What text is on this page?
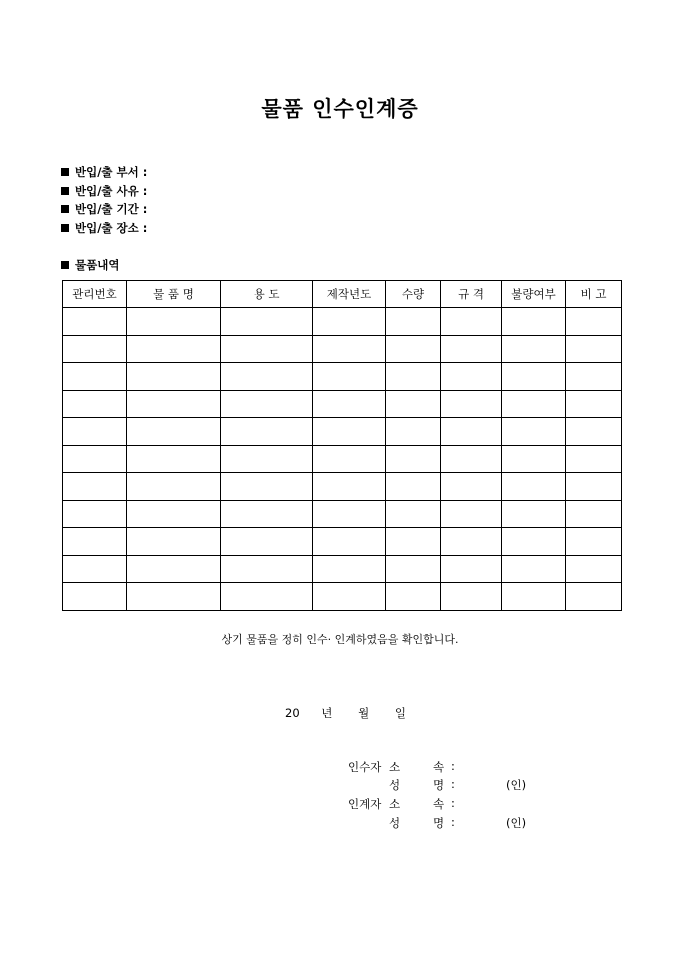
물품 인수인계증
반입/출 부서 :
반입/출 사유 :
반입/출 기간 :
반입/출 장소 :
물품내역
관리번호	물 품 명	용 도	제작년도	수량	규 격	불량여부	비 고

상기 물품을 정히 인수· 인계하였음을 확인합니다.
20 년 월 일
인수자 소	속 :
성	명 :	(인)
인계자 소	속 :
성	명 :	(인)
